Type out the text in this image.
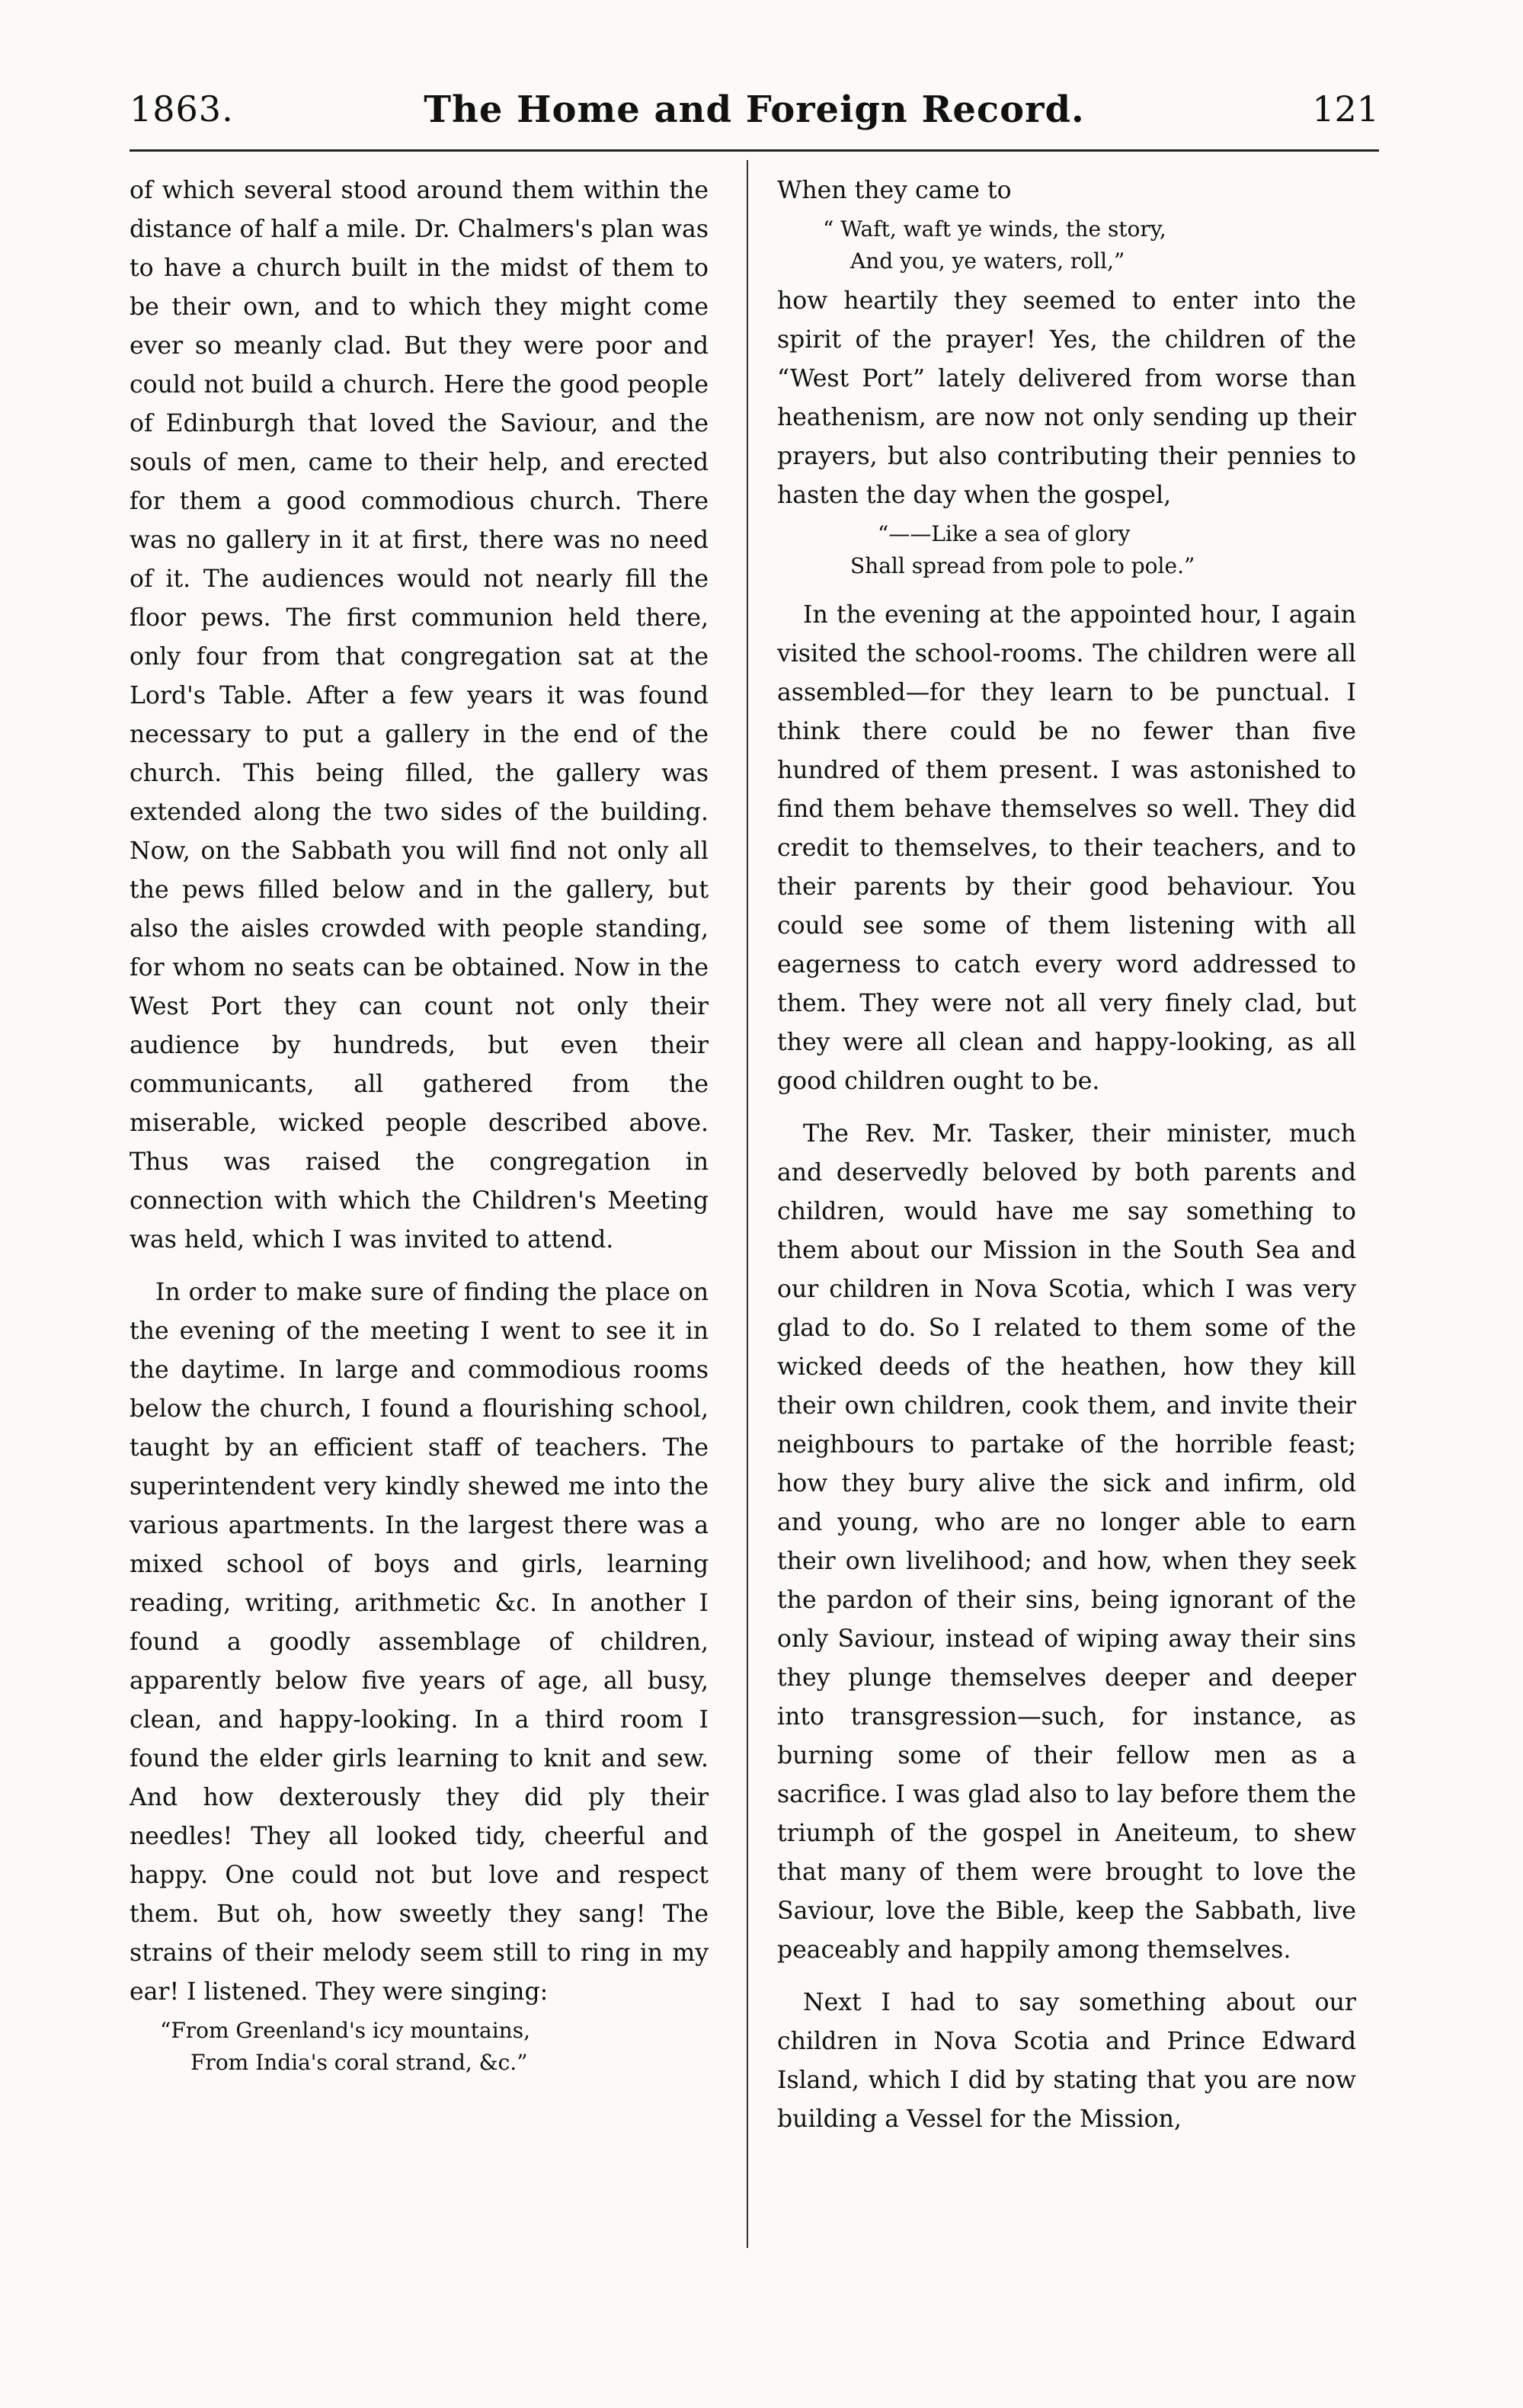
1863.	The Home and Foreign Record.	121

of which several stood around them within the distance of half a mile. Dr. Chalmers's plan was to have a church built in the midst of them to be their own, and to which they might come ever so meanly clad. But they were poor and could not build a church. Here the good people of Edinburgh that loved the Saviour, and the souls of men, came to their help, and erected for them a good commodious church. There was no gallery in it at first, there was no need of it. The audiences would not nearly fill the floor pews. The first communion held there, only four from that congregation sat at the Lord's Table. After a few years it was found necessary to put a gallery in the end of the church. This being filled, the gallery was extended along the two sides of the building. Now, on the Sabbath you will find not only all the pews filled below and in the gallery, but also the aisles crowded with people standing, for whom no seats can be obtained. Now in the West Port they can count not only their audience by hundreds, but even their communicants, all gathered from the miserable, wicked people described above. Thus was raised the congregation in connection with which the Children's Meeting was held, which I was invited to attend.

In order to make sure of finding the place on the evening of the meeting I went to see it in the daytime. In large and commodious rooms below the church, I found a flourishing school, taught by an efficient staff of teachers. The superintendent very kindly shewed me into the various apartments. In the largest there was a mixed school of boys and girls, learning reading, writing, arithmetic &c. In another I found a goodly assemblage of children, apparently below five years of age, all busy, clean, and happy-looking. In a third room I found the elder girls learning to knit and sew. And how dexterously they did ply their needles! They all looked tidy, cheerful and happy. One could not but love and respect them. But oh, how sweetly they sang! The strains of their melody seem still to ring in my ear! I listened. They were singing:

“From Greenland's icy mountains,
From India's coral strand, &c.”

When they came to

“ Waft, waft ye winds, the story,
And you, ye waters, roll,”

how heartily they seemed to enter into the spirit of the prayer! Yes, the children of the “West Port” lately delivered from worse than heathenism, are now not only sending up their prayers, but also contributing their pennies to hasten the day when the gospel,

“——Like a sea of glory
Shall spread from pole to pole.”

In the evening at the appointed hour, I again visited the school-rooms. The children were all assembled—for they learn to be punctual. I think there could be no fewer than five hundred of them present. I was astonished to find them behave themselves so well. They did credit to themselves, to their teachers, and to their parents by their good behaviour. You could see some of them listening with all eagerness to catch every word addressed to them. They were not all very finely clad, but they were all clean and happy-looking, as all good children ought to be.

The Rev. Mr. Tasker, their minister, much and deservedly beloved by both parents and children, would have me say something to them about our Mission in the South Sea and our children in Nova Scotia, which I was very glad to do. So I related to them some of the wicked deeds of the heathen, how they kill their own children, cook them, and invite their neighbours to partake of the horrible feast; how they bury alive the sick and infirm, old and young, who are no longer able to earn their own livelihood; and how, when they seek the pardon of their sins, being ignorant of the only Saviour, instead of wiping away their sins they plunge themselves deeper and deeper into transgression—such, for instance, as burning some of their fellow men as a sacrifice. I was glad also to lay before them the triumph of the gospel in Aneiteum, to shew that many of them were brought to love the Saviour, love the Bible, keep the Sabbath, live peaceably and happily among themselves.

Next I had to say something about our children in Nova Scotia and Prince Edward Island, which I did by stating that you are now building a Vessel for the Mission,
